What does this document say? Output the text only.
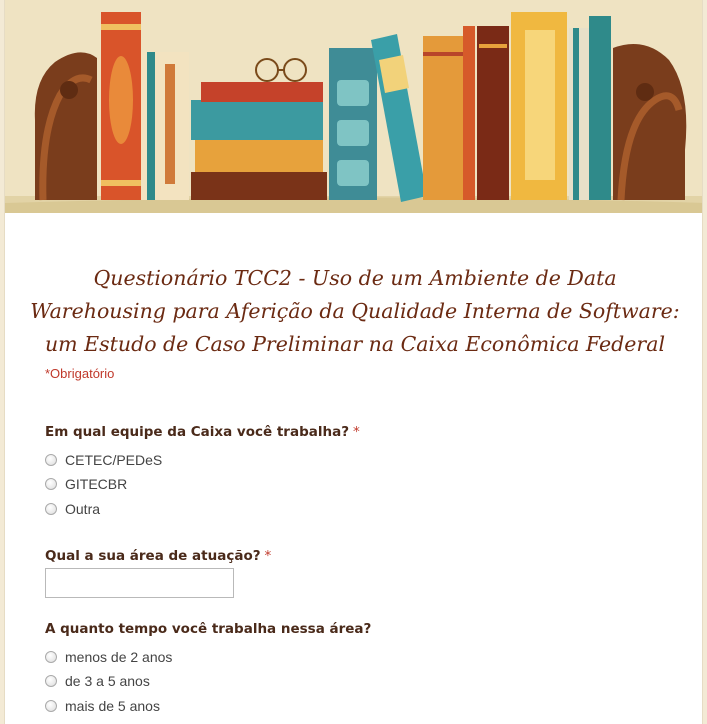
Questionário TCC2 - Uso de um Ambiente de Data Warehousing para Aferição da Qualidade Interna de Software: um Estudo de Caso Preliminar na Caixa Econômica Federal
*Obrigatório
Em qual equipe da Caixa você trabalha? *
CETEC/PEDeS
GITECBR
Outra
Qual a sua área de atuação? *
A quanto tempo você trabalha nessa área?
menos de 2 anos
de 3 a 5 anos
mais de 5 anos
